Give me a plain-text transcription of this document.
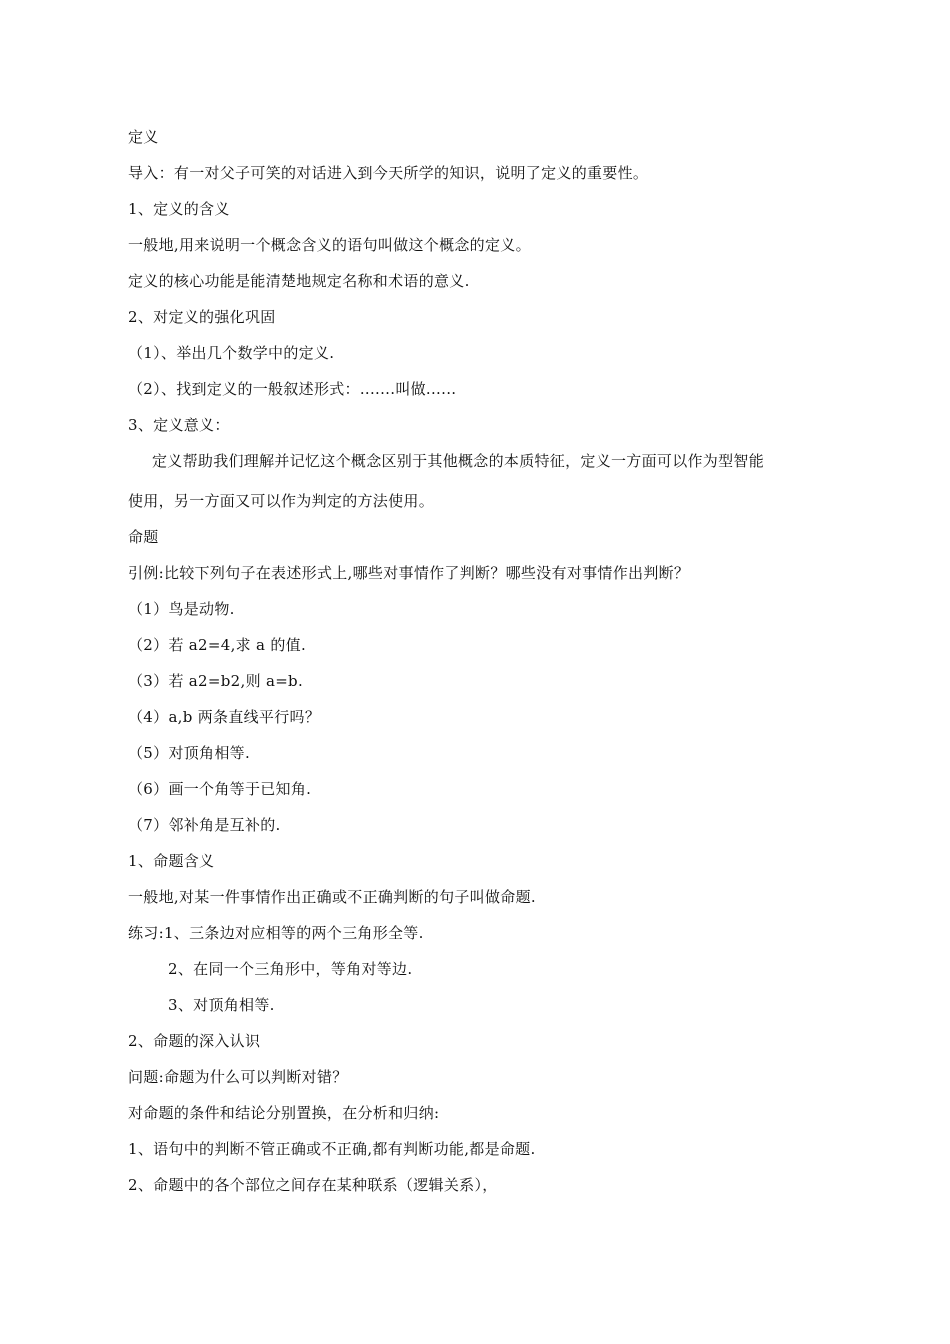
定义
导入：有一对父子可笑的对话进入到今天所学的知识，说明了定义的重要性。
1、定义的含义
一般地,用来说明一个概念含义的语句叫做这个概念的定义。
定义的核心功能是能清楚地规定名称和术语的意义.
2、对定义的强化巩固
（1）、举出几个数学中的定义.
（2）、找到定义的一般叙述形式：.......叫做......
3、定义意义：
定义帮助我们理解并记忆这个概念区别于其他概念的本质特征，定义一方面可以作为型智能
使用，另一方面又可以作为判定的方法使用。
命题
引例:比较下列句子在表述形式上,哪些对事情作了判断？哪些没有对事情作出判断？
（1）鸟是动物.
（2）若 a2=4,求 a 的值.
（3）若 a2=b2,则 a=b.
（4）a,b 两条直线平行吗？
（5）对顶角相等.
（6）画一个角等于已知角.
（7）邻补角是互补的.
1、命题含义
一般地,对某一件事情作出正确或不正确判断的句子叫做命题.
练习:1、三条边对应相等的两个三角形全等.
2、在同一个三角形中，等角对等边.
3、对顶角相等.
2、命题的深入认识
问题:命题为什么可以判断对错？
对命题的条件和结论分别置换，在分析和归纳:
1、语句中的判断不管正确或不正确,都有判断功能,都是命题.
2、命题中的各个部位之间存在某种联系（逻辑关系），
